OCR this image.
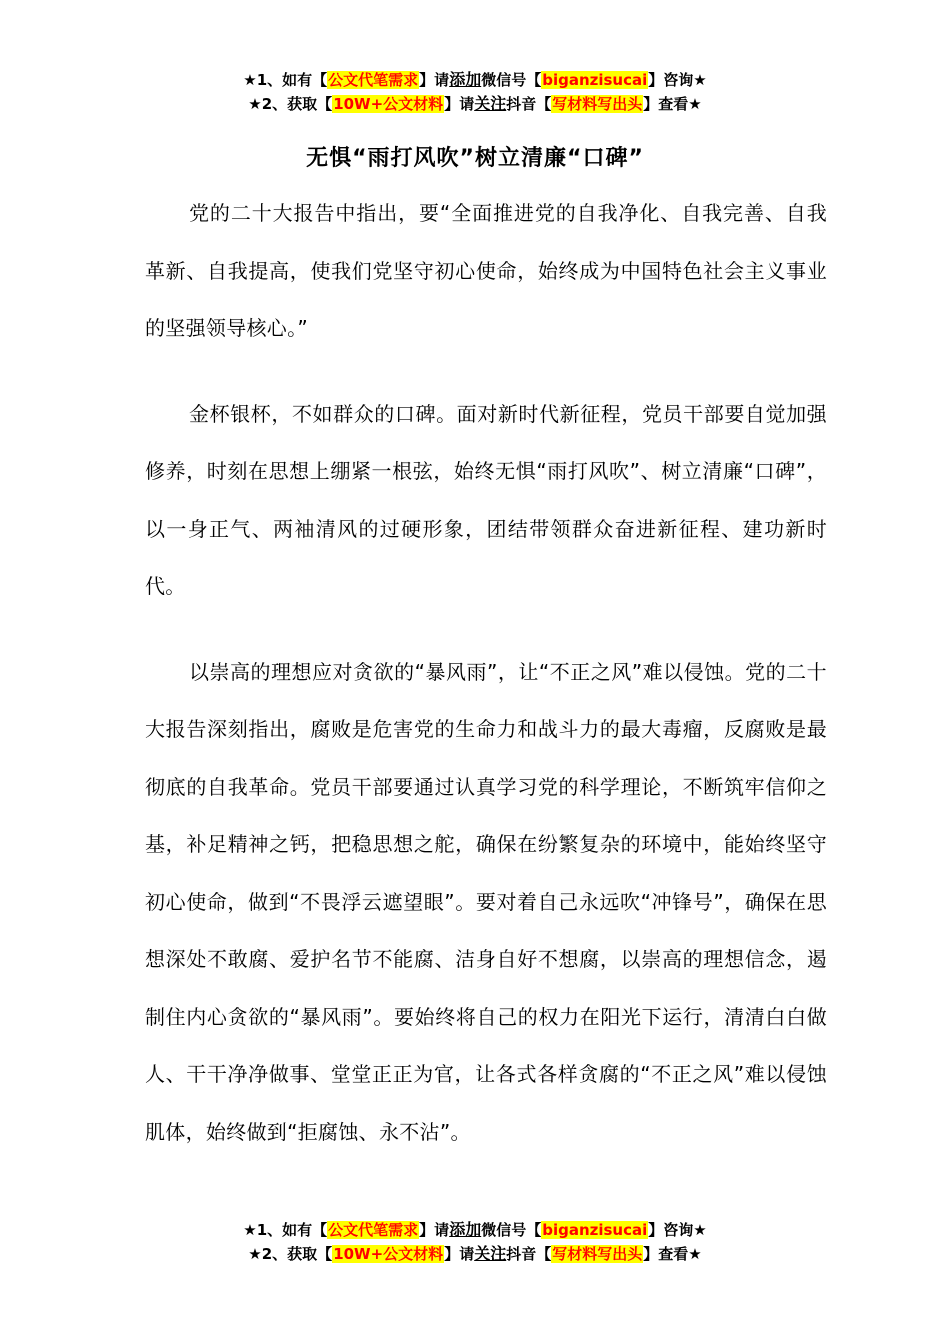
★1、如有【公文代笔需求】请添加微信号【biganzisucai】咨询★
★2、获取【10W+公文材料】请关注抖音【写材料写出头】查看★
无惧“雨打风吹”树立清廉“口碑”

党的二十大报告中指出，要“全面推进党的自我净化、自我完善、自我革新、自我提高，使我们党坚守初心使命，始终成为中国特色社会主义事业的坚强领导核心。”

金杯银杯，不如群众的口碑。面对新时代新征程，党员干部要自觉加强修养，时刻在思想上绷紧一根弦，始终无惧“雨打风吹”、树立清廉“口碑”，以一身正气、两袖清风的过硬形象，团结带领群众奋进新征程、建功新时代。

以崇高的理想应对贪欲的“暴风雨”，让“不正之风”难以侵蚀。党的二十大报告深刻指出，腐败是危害党的生命力和战斗力的最大毒瘤，反腐败是最彻底的自我革命。党员干部要通过认真学习党的科学理论，不断筑牢信仰之基，补足精神之钙，把稳思想之舵，确保在纷繁复杂的环境中，能始终坚守初心使命，做到“不畏浮云遮望眼”。要对着自己永远吹“冲锋号”，确保在思想深处不敢腐、爱护名节不能腐、洁身自好不想腐，以崇高的理想信念，遏制住内心贪欲的“暴风雨”。要始终将自己的权力在阳光下运行，清清白白做人、干干净净做事、堂堂正正为官，让各式各样贪腐的“不正之风”难以侵蚀肌体，始终做到“拒腐蚀、永不沾”。

★1、如有【公文代笔需求】请添加微信号【biganzisucai】咨询★
★2、获取【10W+公文材料】请关注抖音【写材料写出头】查看★
